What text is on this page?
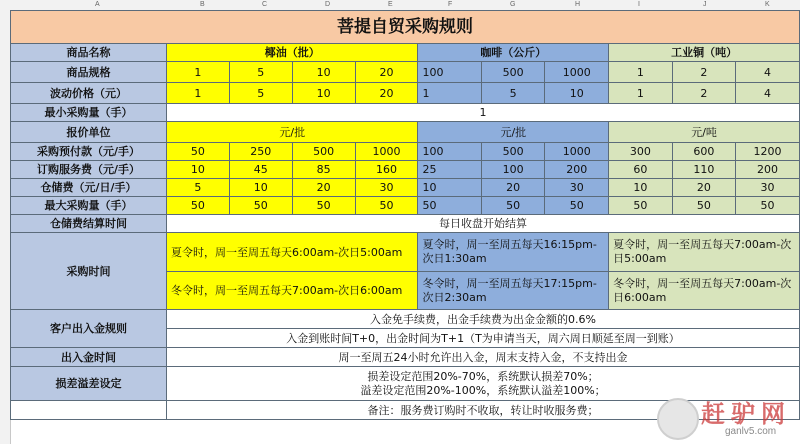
A	B	C	D	E	F	G	H	I	J	K
菩提自贸采购规则										
商品名称	椰油（批）				咖啡（公斤）			工业铜（吨）		
商品规格	1	5	10	20	100	500	1000	1	2	4
波动价格（元）	1	5	10	20	1	5	10	1	2	4
最小采购量（手）	1									
报价单位	元/批				元/批			元/吨		
采购预付款（元/手）	50	250	500	1000	100	500	1000	300	600	1200
订购服务费（元/手）	10	45	85	160	25	100	200	60	110	200
仓储费（元/日/手）	5	10	20	30	10	20	30	10	20	30
最大采购量（手）	50	50	50	50	50	50	50	50	50	50
仓储费结算时间	每日收盘开始结算									
采购时间	夏令时，周一至周五每天6:00am-次日5:00am				夏令时，周一至周五每天16:15pm-次日1:30am			夏令时，周一至周五每天7:00am-次日5:00am		
	冬令时，周一至周五每天7:00am-次日6:00am				冬令时，周一至周五每天17:15pm-次日2:30am			冬令时，周一至周五每天7:00am-次日6:00am		
客户出入金规则	入金免手续费，出金手续费为出金金额的0.6%									
	入金到账时间T+0，出金时间为T+1（T为申请当天，周六周日顺延至周一到账）									
出入金时间	周一至周五24小时允许出入金，周末支持入金，不支持出金									
损差溢差设定	损差设定范围20%-70%，系统默认损差70%；
溢差设定范围20%-100%，系统默认溢差100%；									

	备注：服务费订购时不收取，转让时收服务费；										赶驴网
ganlv5.com
